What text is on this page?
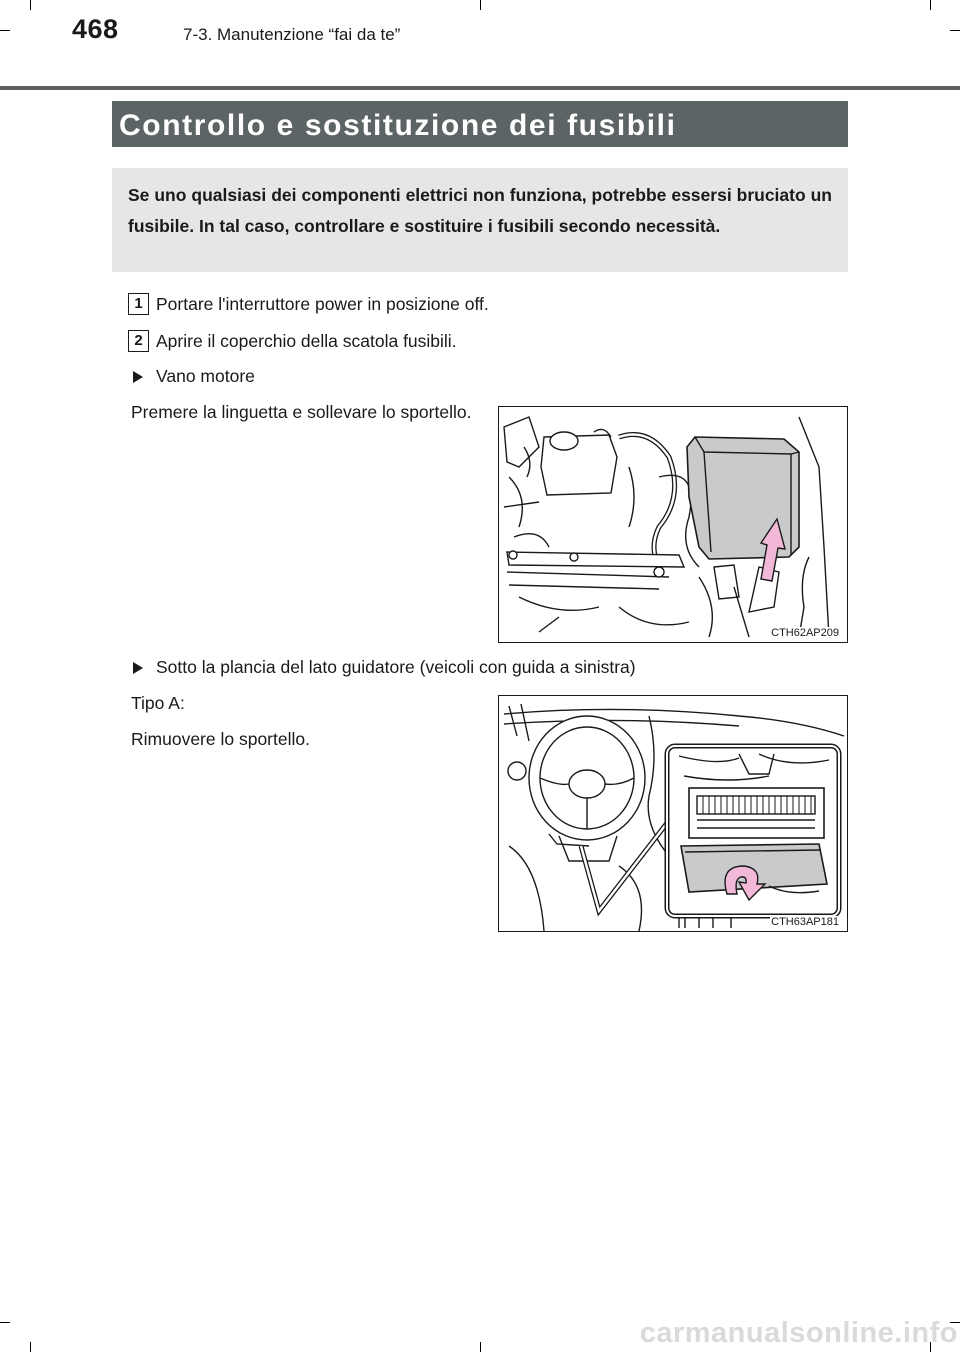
468	7-3. Manutenzione “fai da te”
Controllo e sostituzione dei fusibili

Se uno qualsiasi dei componenti elettrici non funziona, potrebbe essersi bruciato un fusibile. In tal caso, controllare e sostituire i fusibili secondo necessità.

1 Portare l'interruttore power in posizione off.
2 Aprire il coperchio della scatola fusibili.
Vano motore

Premere la linguetta e sollevare lo sportello.

CTH62AP209
Sotto la plancia del lato guidatore (veicoli con guida a sinistra)

Tipo A:

Rimuovere lo sportello.

CTH63AP181
carmanualsonline.info
